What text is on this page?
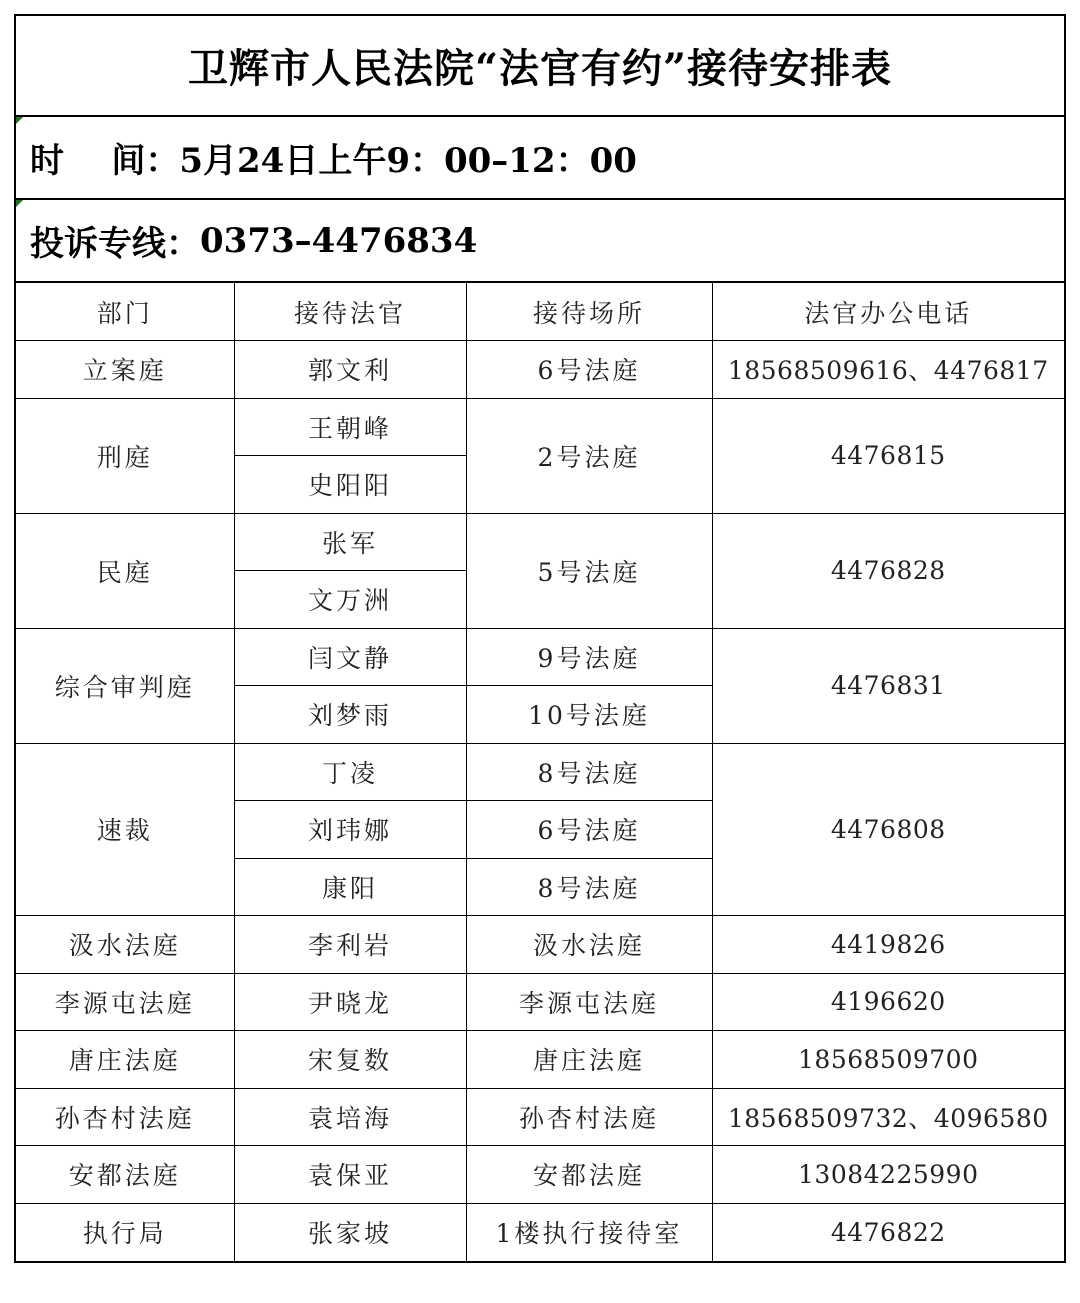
卫辉市人民法院“法官有约”接待安排表
时    间： 5月24日上午9：00–12：00
投诉专线： 0373–4476834
部门	接待法官	接待场所	法官办公电话
立案庭	郭文利	6号法庭	18568509616、4476817
刑庭	王朝峰	2号法庭	4476815
	史阳阳		
民庭	张军	5号法庭	4476828
	文万洲		
综合审判庭	闫文静	9号法庭	4476831
	刘梦雨	10号法庭	
速裁	丁凌	8号法庭	4476808
	刘玮娜	6号法庭	
	康阳	8号法庭	
汲水法庭	李利岩	汲水法庭	4419826
李源屯法庭	尹晓龙	李源屯法庭	4196620
唐庄法庭	宋复数	唐庄法庭	18568509700
孙杏村法庭	袁培海	孙杏村法庭	18568509732、4096580
安都法庭	袁保亚	安都法庭	13084225990
执行局	张家坡	1楼执行接待室	4476822
